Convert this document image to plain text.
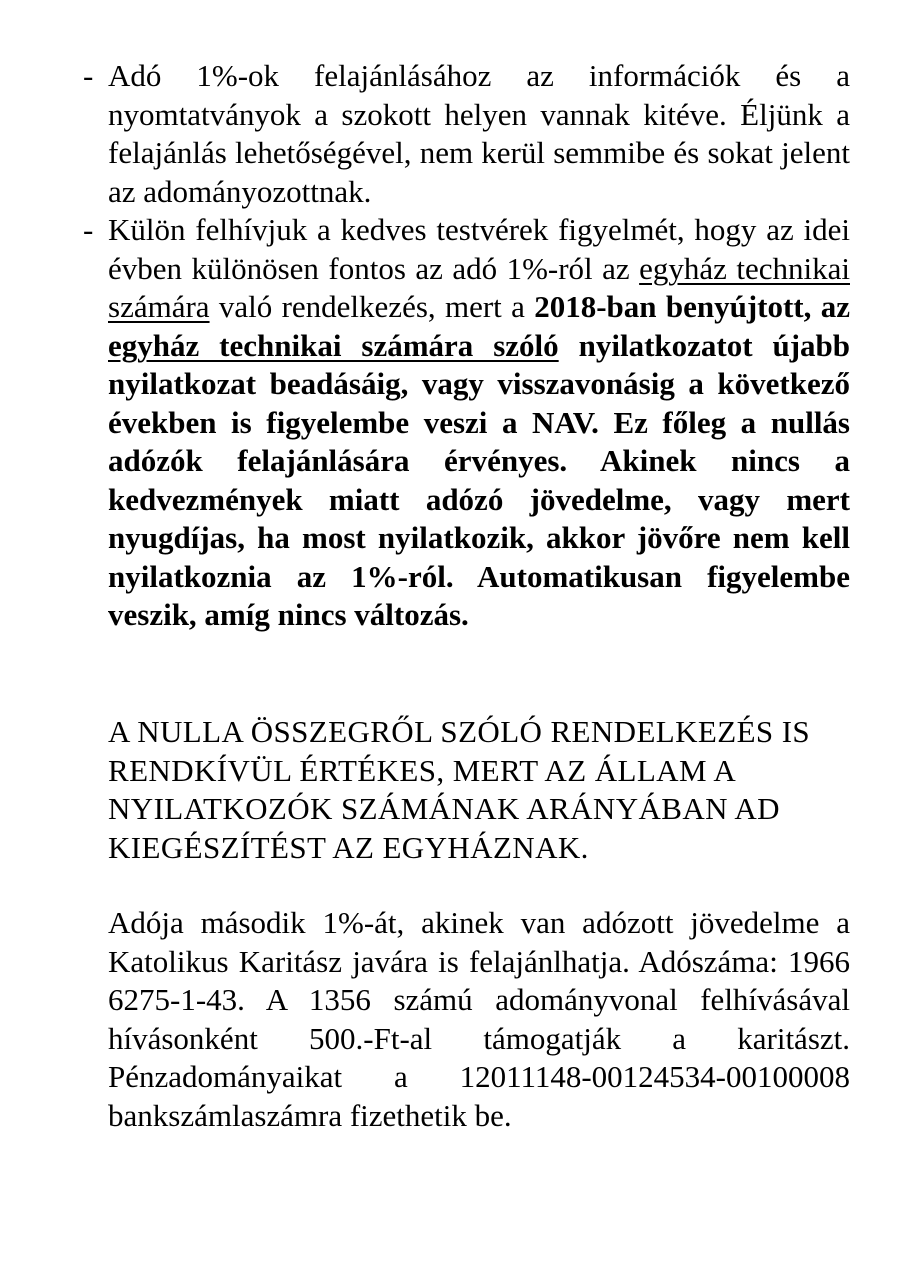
- Adó 1%-ok felajánlásához az információk és a nyomtatványok a szokott helyen vannak kitéve. Éljünk a felajánlás lehetőségével, nem kerül semmibe és sokat jelent az adományozottnak.

- Külön felhívjuk a kedves testvérek figyelmét, hogy az idei évben különösen fontos az adó 1%-ról az egyház technikai számára való rendelkezés, mert a 2018-ban benyújtott, az egyház technikai számára szóló nyilatkozatot újabb nyilatkozat beadásáig, vagy visszavonásig a következő években is figyelembe veszi a NAV. Ez főleg a nullás adózók felajánlására érvényes. Akinek nincs a kedvezmények miatt adózó jövedelme, vagy mert nyugdíjas, ha most nyilatkozik, akkor jövőre nem kell nyilatkoznia az 1%-ról. Automatikusan figyelembe veszik, amíg nincs változás.

A NULLA ÖSSZEGRŐL SZÓLÓ RENDELKEZÉS IS RENDKÍVÜL ÉRTÉKES, MERT AZ ÁLLAM A NYILATKOZÓK SZÁMÁNAK ARÁNYÁBAN AD KIEGÉSZÍTÉST AZ EGYHÁZNAK.

Adója második 1%-át, akinek van adózott jövedelme a Katolikus Karitász javára is felajánlhatja. Adószáma: 1966 6275-1-43. A 1356 számú adományvonal felhívásával hívásonként 500.-Ft-al támogatják a karitászt. Pénzadományaikat a 12011148-00124534-00100008 bankszámlaszámra fizethetik be.
